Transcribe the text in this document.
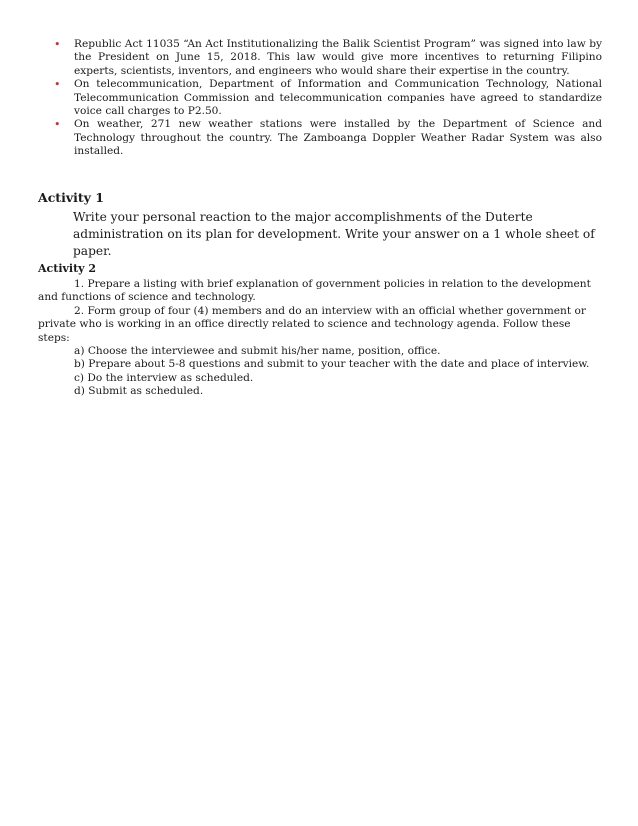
• Republic Act 11035 “An Act Institutionalizing the Balik Scientist Program” was signed into law by the President on June 15, 2018. This law would give more incentives to returning Filipino experts, scientists, inventors, and engineers who would share their expertise in the country.
• On telecommunication, Department of Information and Communication Technology, National Telecommunication Commission and telecommunication companies have agreed to standardize voice call charges to P2.50.
• On weather, 271 new weather stations were installed by the Department of Science and Technology throughout the country. The Zamboanga Doppler Weather Radar System was also installed.
Activity 1

Write your personal reaction to the major accomplishments of the Duterte administration on its plan for development. Write your answer on a 1 whole sheet of paper.

Activity 2

1. Prepare a listing with brief explanation of government policies in relation to the development and functions of science and technology.

2. Form group of four (4) members and do an interview with an official whether government or private who is working in an office directly related to science and technology agenda. Follow these steps:

a) Choose the interviewee and submit his/her name, position, office.

b) Prepare about 5-8 questions and submit to your teacher with the date and place of interview.

c) Do the interview as scheduled.

d) Submit as scheduled.
